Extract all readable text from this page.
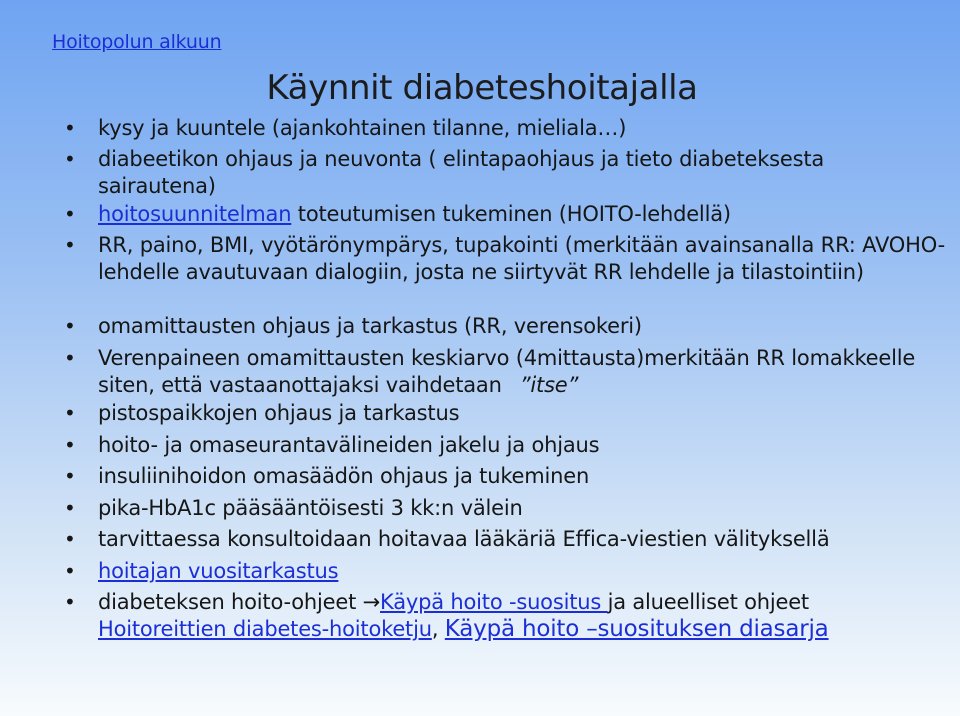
Hoitopolun alkuun
Käynnit diabeteshoitajalla
• kysy ja kuuntele (ajankohtainen tilanne, mieliala…)
• diabeetikon ohjaus ja neuvonta ( elintapaohjaus ja tieto diabeteksesta sairautena)
• hoitosuunnitelman toteutumisen tukeminen (HOITO-lehdellä)
• RR, paino, BMI, vyötärönympärys, tupakointi (merkitään avainsanalla RR: AVOHO-lehdelle avautuvaan dialogiin, josta ne siirtyvät RR lehdelle ja tilastointiin)
• omamittausten ohjaus ja tarkastus (RR, verensokeri)
• Verenpaineen omamittausten keskiarvo (4mittausta)merkitään RR lomakkeelle siten, että vastaanottajaksi vaihdetaan ”itse”
• pistospaikkojen ohjaus ja tarkastus
• hoito- ja omaseurantavälineiden jakelu ja ohjaus
• insuliinihoidon omasäädön ohjaus ja tukeminen
• pika-HbA1c pääsääntöisesti 3 kk:n välein
• tarvittaessa konsultoidaan hoitavaa lääkäriä Effica-viestien välityksellä
• hoitajan vuositarkastus
• diabeteksen hoito-ohjeet →Käypä hoito -suositus ja alueelliset ohjeet
Hoitoreittien diabetes-hoitoketju, Käypä hoito –suosituksen diasarja
